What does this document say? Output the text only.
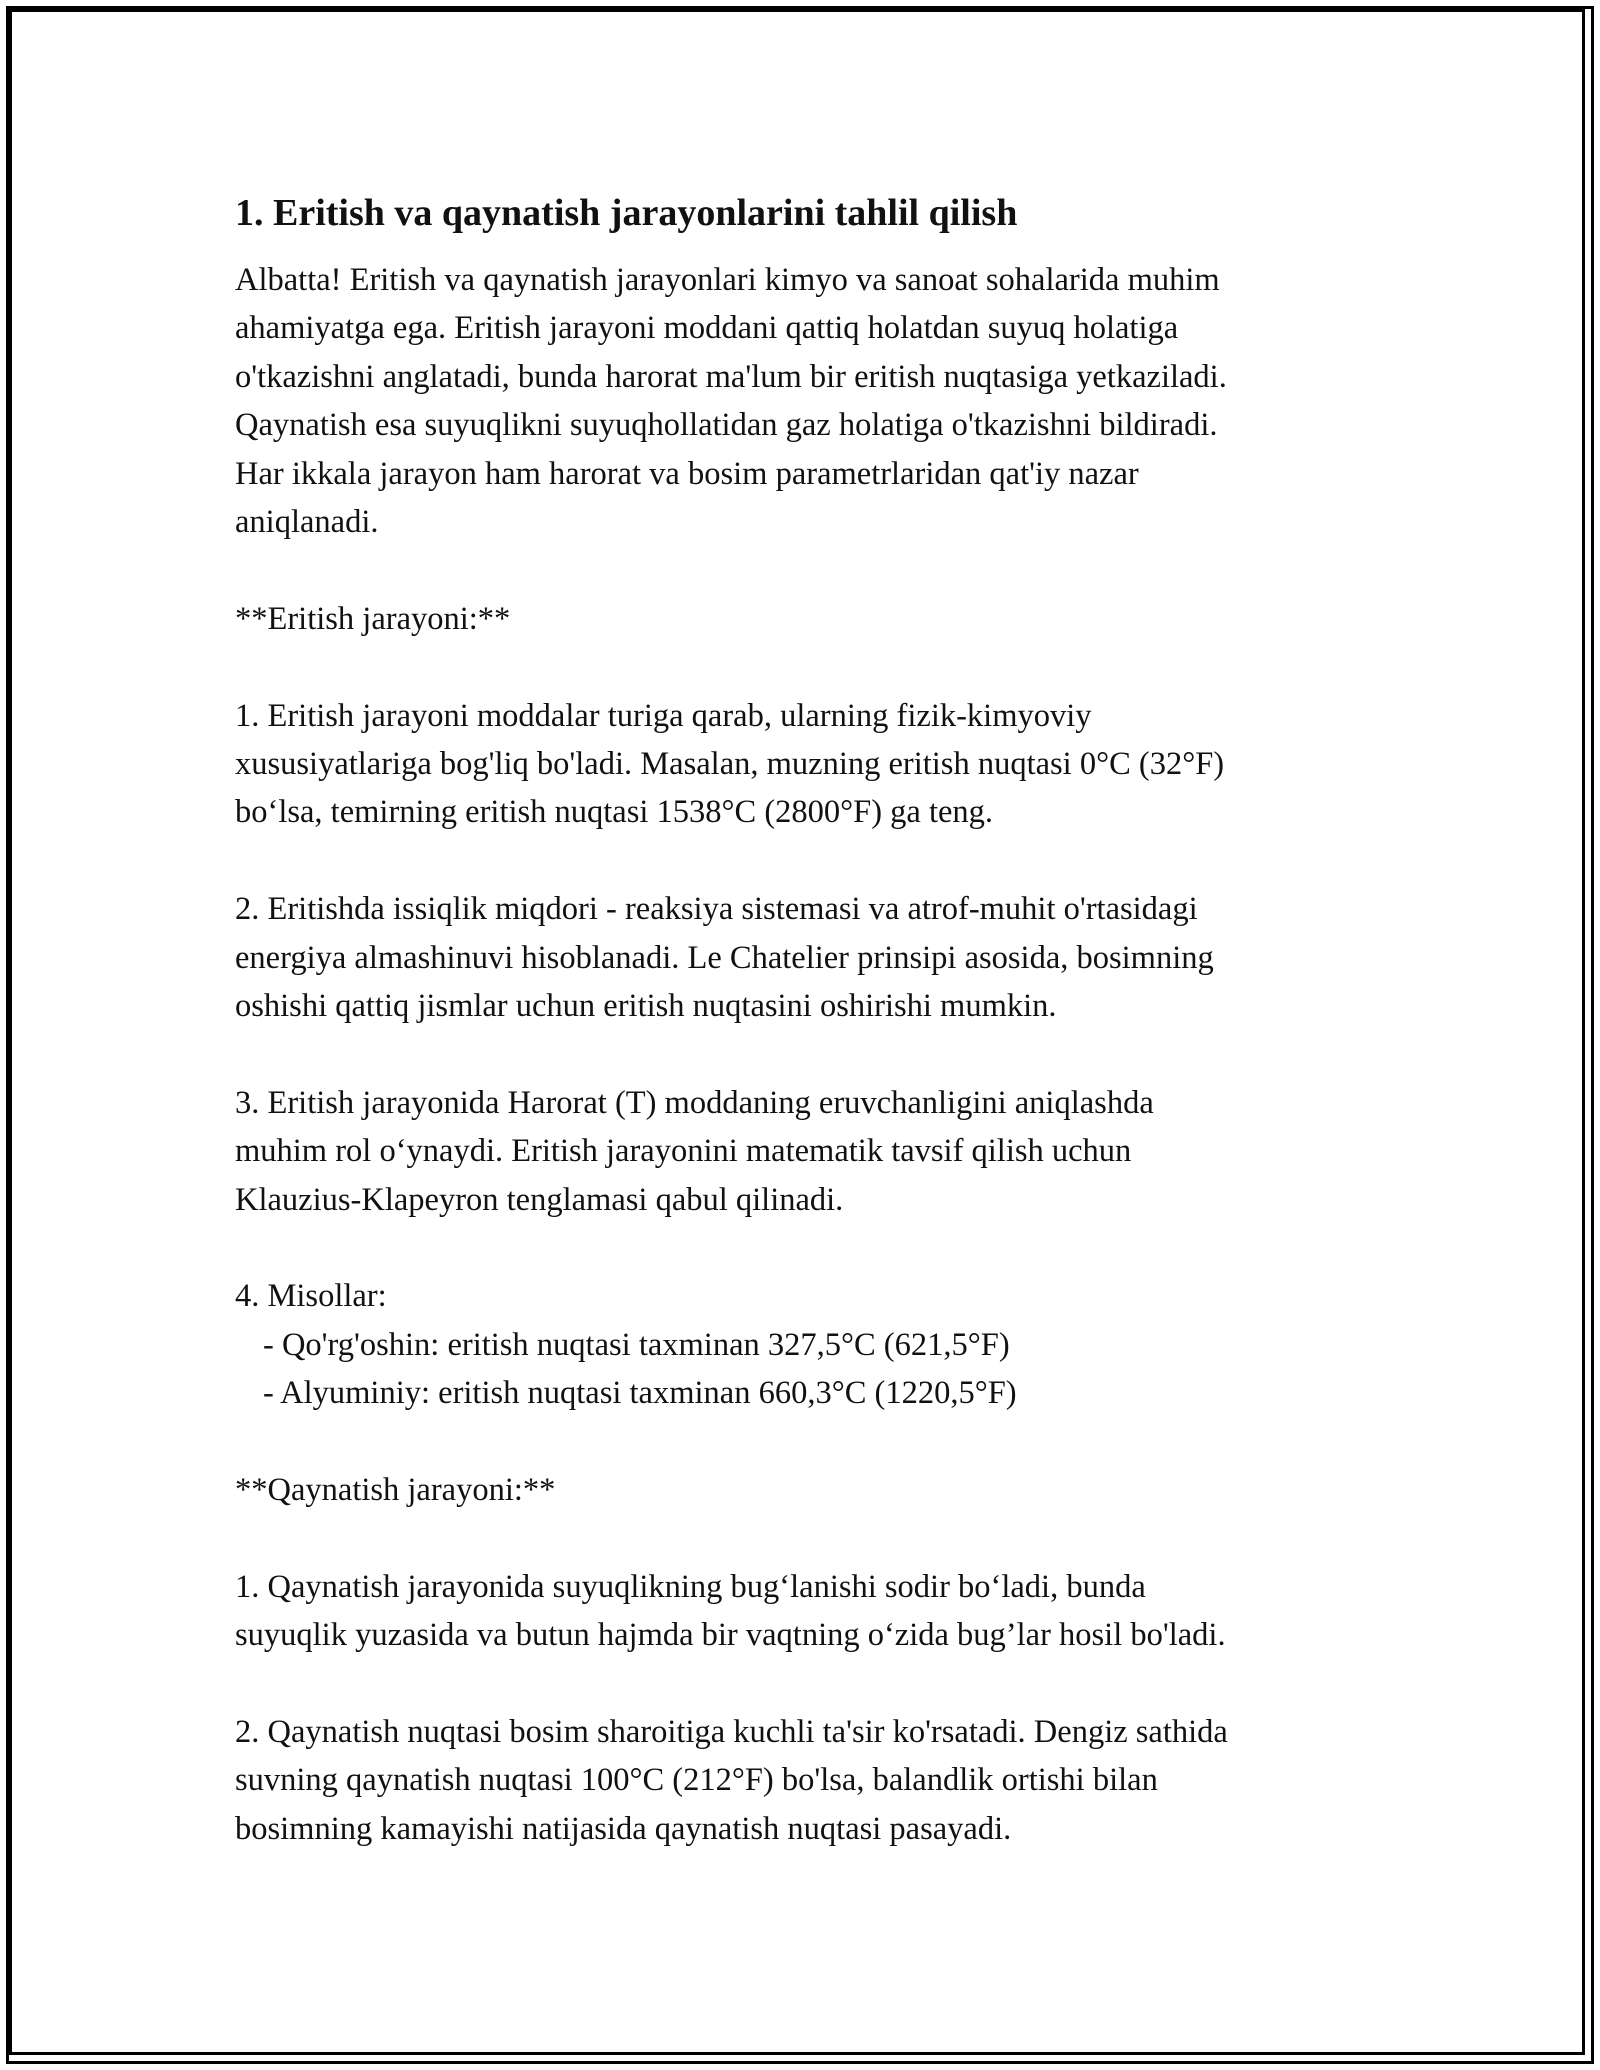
1. Eritish va qaynatish jarayonlarini tahlil qilish

Albatta! Eritish va qaynatish jarayonlari kimyo va sanoat sohalarida muhim

ahamiyatga ega. Eritish jarayoni moddani qattiq holatdan suyuq holatiga

o'tkazishni anglatadi, bunda harorat ma'lum bir eritish nuqtasiga yetkaziladi.

Qaynatish esa suyuqlikni suyuqhollatidan gaz holatiga o'tkazishni bildiradi.

Har ikkala jarayon ham harorat va bosim parametrlaridan qat'iy nazar

aniqlanadi.

**Eritish jarayoni:**

1. Eritish jarayoni moddalar turiga qarab, ularning fizik-kimyoviy

xususiyatlariga bog'liq bo'ladi. Masalan, muzning eritish nuqtasi 0°C (32°F)

bo‘lsa, temirning eritish nuqtasi 1538°C (2800°F) ga teng.

2. Eritishda issiqlik miqdori - reaksiya sistemasi va atrof-muhit o'rtasidagi

energiya almashinuvi hisoblanadi. Le Chatelier prinsipi asosida, bosimning

oshishi qattiq jismlar uchun eritish nuqtasini oshirishi mumkin.

3. Eritish jarayonida Harorat (T) moddaning eruvchanligini aniqlashda

muhim rol o‘ynaydi. Eritish jarayonini matematik tavsif qilish uchun

Klauzius-Klapeyron tenglamasi qabul qilinadi.

4. Misollar:

- Qo'rg'oshin: eritish nuqtasi taxminan 327,5°C (621,5°F)

- Alyuminiy: eritish nuqtasi taxminan 660,3°C (1220,5°F)

**Qaynatish jarayoni:**

1. Qaynatish jarayonida suyuqlikning bug‘lanishi sodir bo‘ladi, bunda

suyuqlik yuzasida va butun hajmda bir vaqtning o‘zida bug’lar hosil bo'ladi.

2. Qaynatish nuqtasi bosim sharoitiga kuchli ta'sir ko'rsatadi. Dengiz sathida

suvning qaynatish nuqtasi 100°C (212°F) bo'lsa, balandlik ortishi bilan

bosimning kamayishi natijasida qaynatish nuqtasi pasayadi.
